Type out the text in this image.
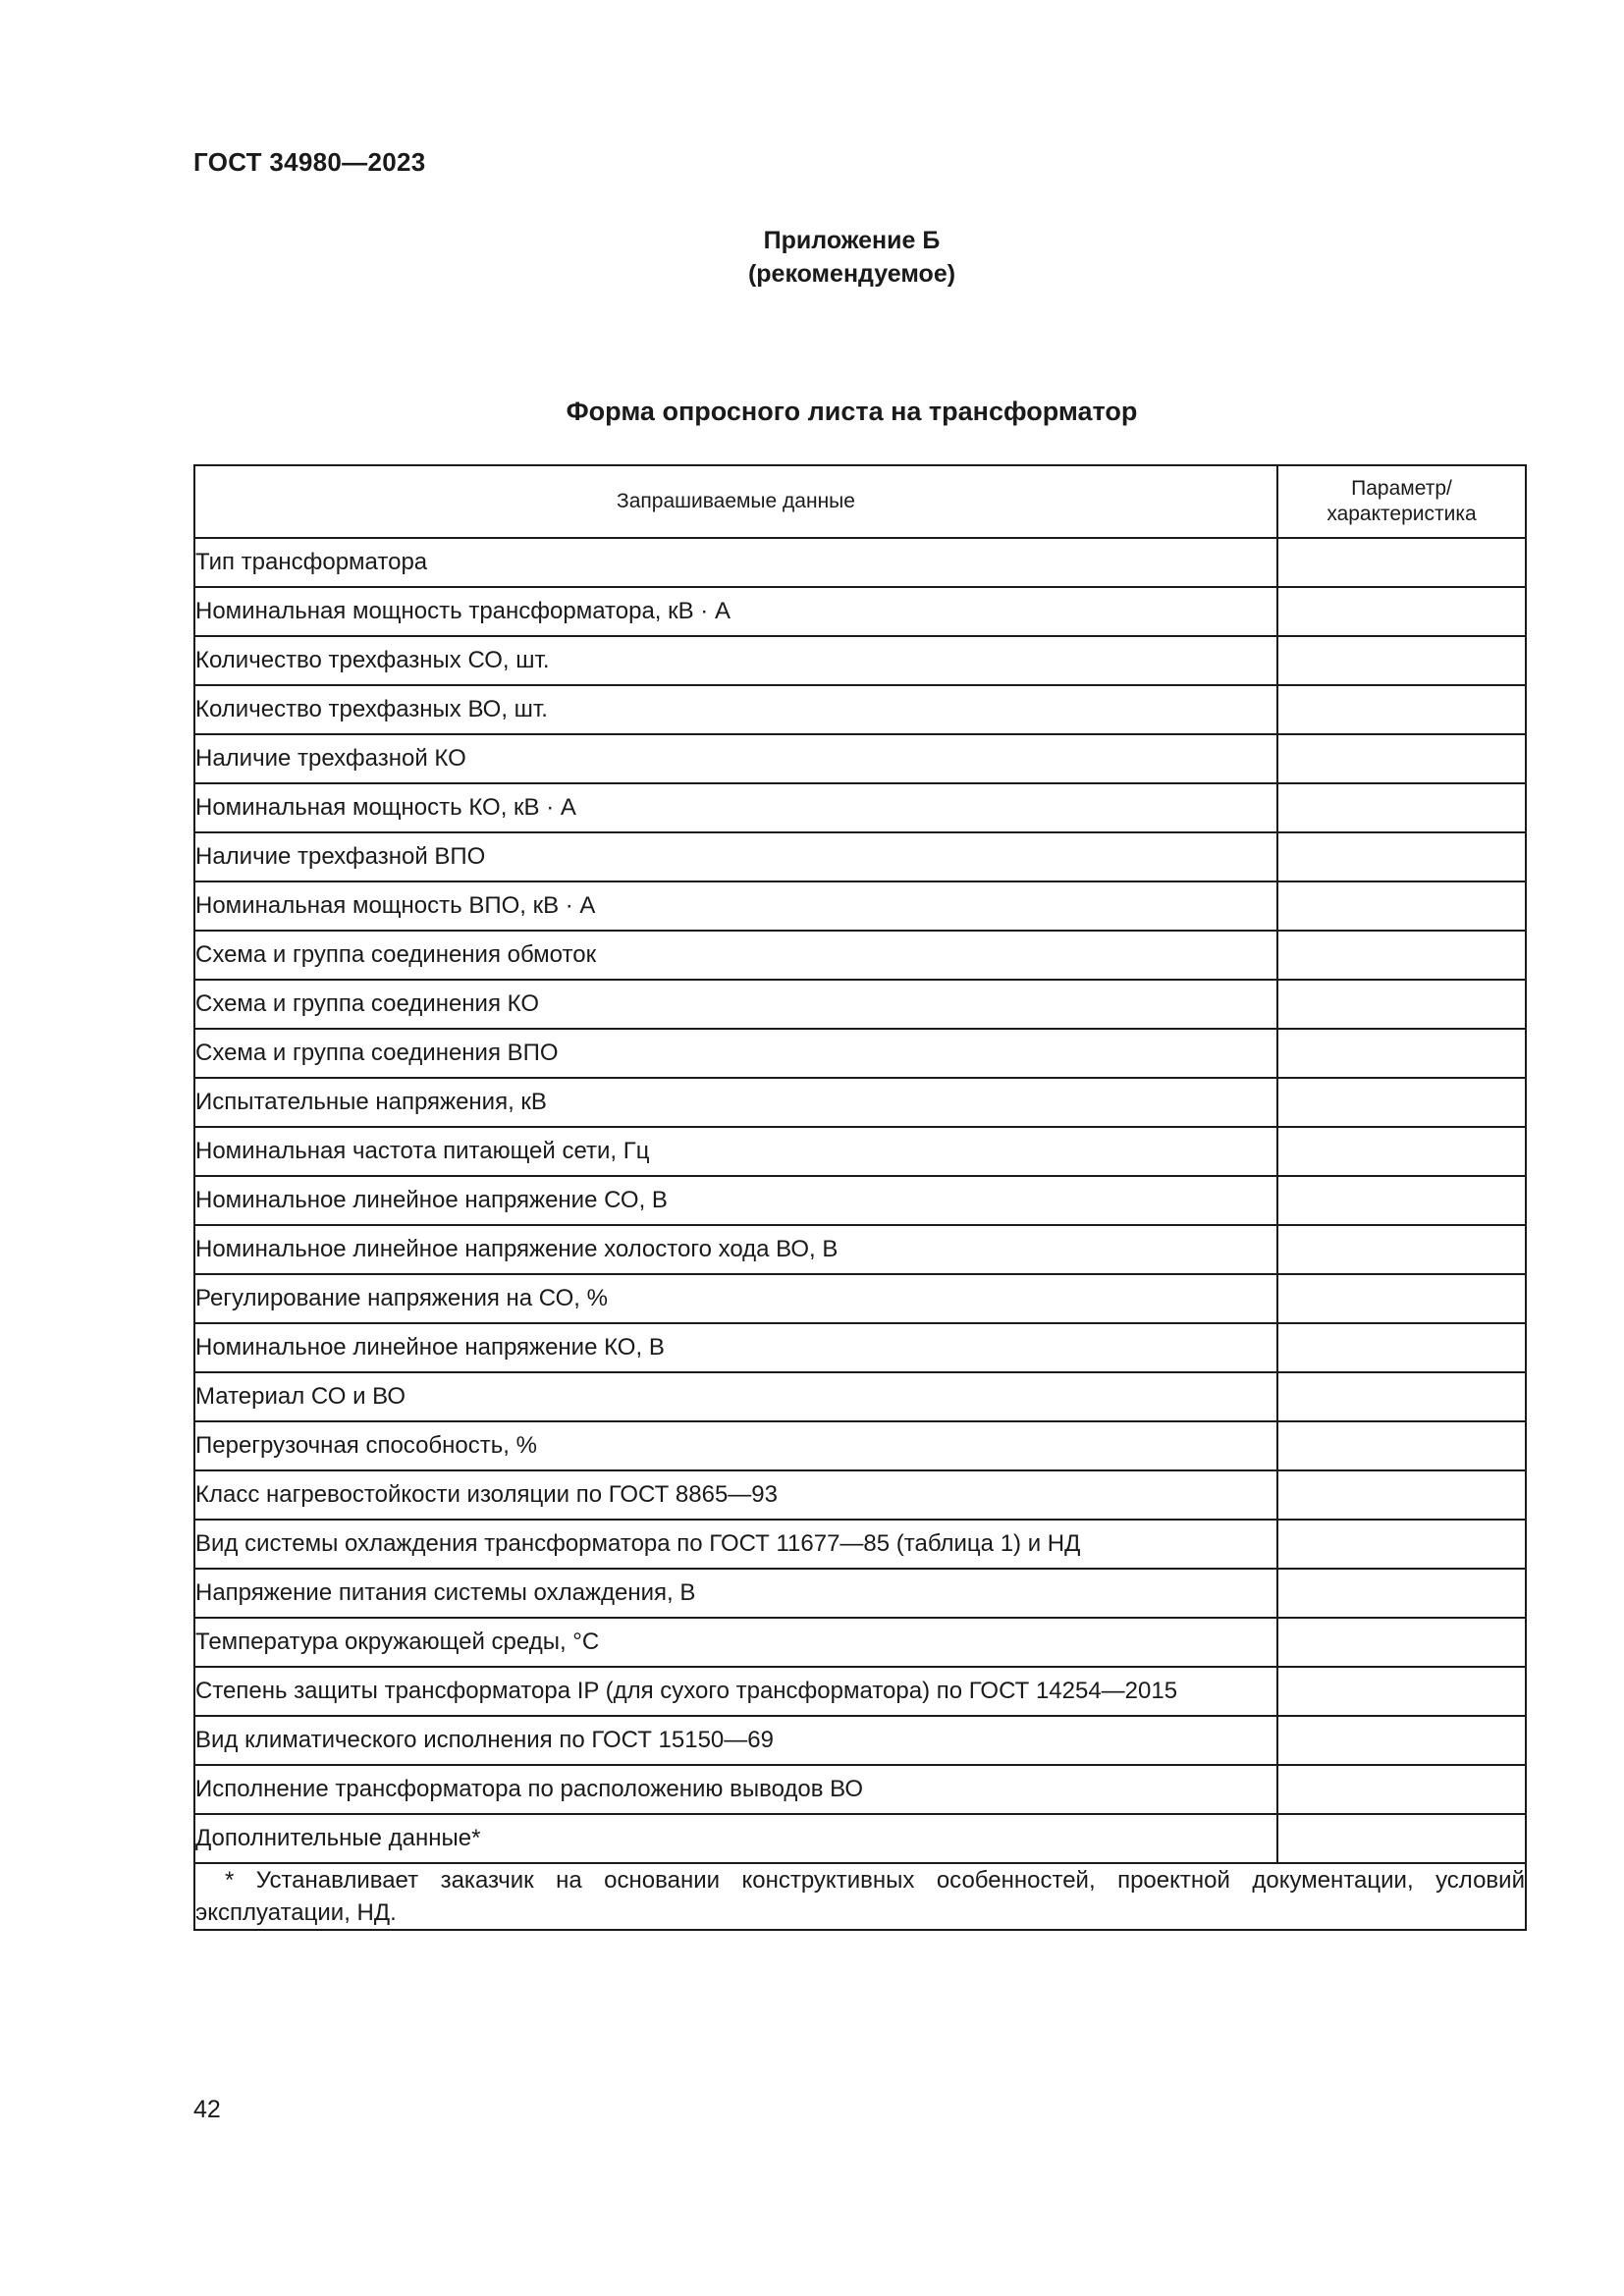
ГОСТ 34980—2023
Приложение Б
(рекомендуемое)
Форма опросного листа на трансформатор
Запрашиваемые данные	Параметр/
характеристика

Тип трансформатора	
Номинальная мощность трансформатора, кВ · А	
Количество трехфазных СО, шт.	
Количество трехфазных ВО, шт.	
Наличие трехфазной КО	
Номинальная мощность КО, кВ · А	
Наличие трехфазной ВПО	
Номинальная мощность ВПО, кВ · А	
Схема и группа соединения обмоток	
Схема и группа соединения КО	
Схема и группа соединения ВПО	
Испытательные напряжения, кВ	
Номинальная частота питающей сети, Гц	
Номинальное линейное напряжение СО, В	
Номинальное линейное напряжение холостого хода ВО, В	
Регулирование напряжения на СО, %	
Номинальное линейное напряжение КО, В	
Материал СО и ВО	
Перегрузочная способность, %	
Класс нагревостойкости изоляции по ГОСТ 8865—93	
Вид системы охлаждения трансформатора по ГОСТ 11677—85 (таблица 1) и НД	
Напряжение питания системы охлаждения, В	
Температура окружающей среды, °С	
Степень защиты трансформатора IP (для сухого трансформатора) по ГОСТ 14254—2015	
Вид климатического исполнения по ГОСТ 15150—69	
Исполнение трансформатора по расположению выводов ВО	
Дополнительные данные*	
* Устанавливает заказчик на основании конструктивных особенностей, проектной документации, условий эксплуатации, НД.	
42
